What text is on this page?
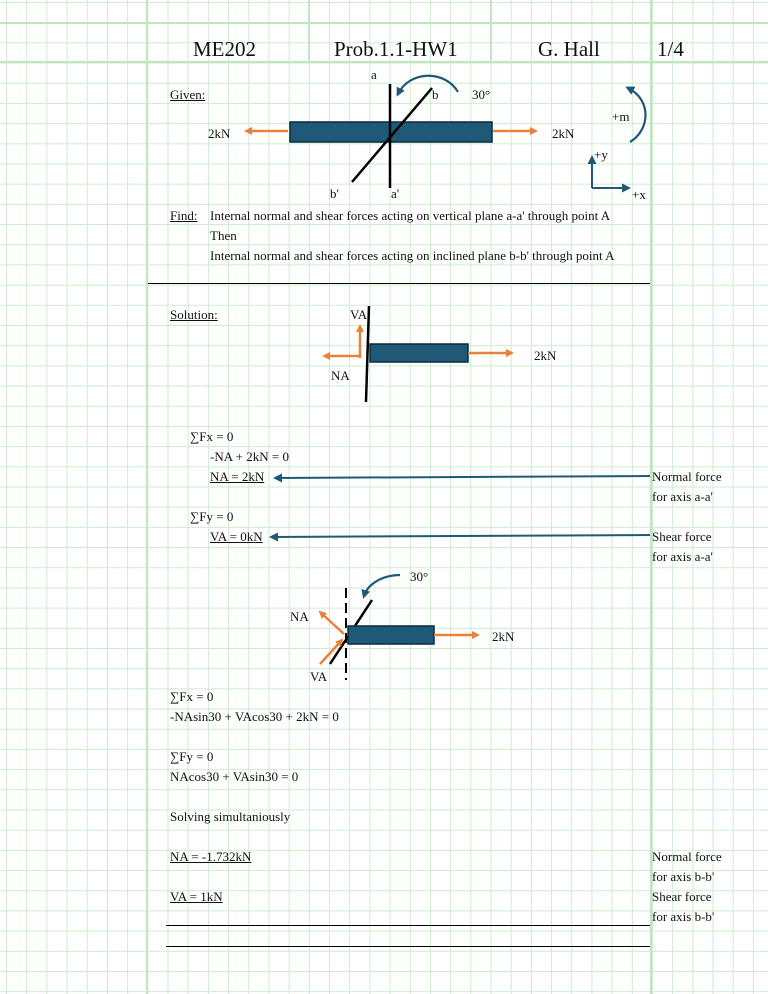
ME202	Prob.1.1-HW1	G. Hall	1/4
Given:
2kN	2kN
a
a'
b
b'
30°
+m
+y
+x
Find: Internal normal and shear forces acting on vertical plane a-a' through point A
Then
Internal normal and shear forces acting on inclined plane b-b' through point A
Solution:	VA
NA
2kN
∑Fx = 0
-NA + 2kN = 0
NA = 2kN
∑Fy = 0
VA = 0kN
Normal force
for axis a-a'
Shear force
for axis a-a'
30°
NA
VA
2kN
∑Fx = 0
-NAsin30 + VAcos30 + 2kN = 0
∑Fy = 0
NAcos30 + VAsin30 = 0
Solving simultaniously
NA = -1.732kN
VA = 1kN
Normal force
for axis b-b'
Shear force
for axis b-b'
